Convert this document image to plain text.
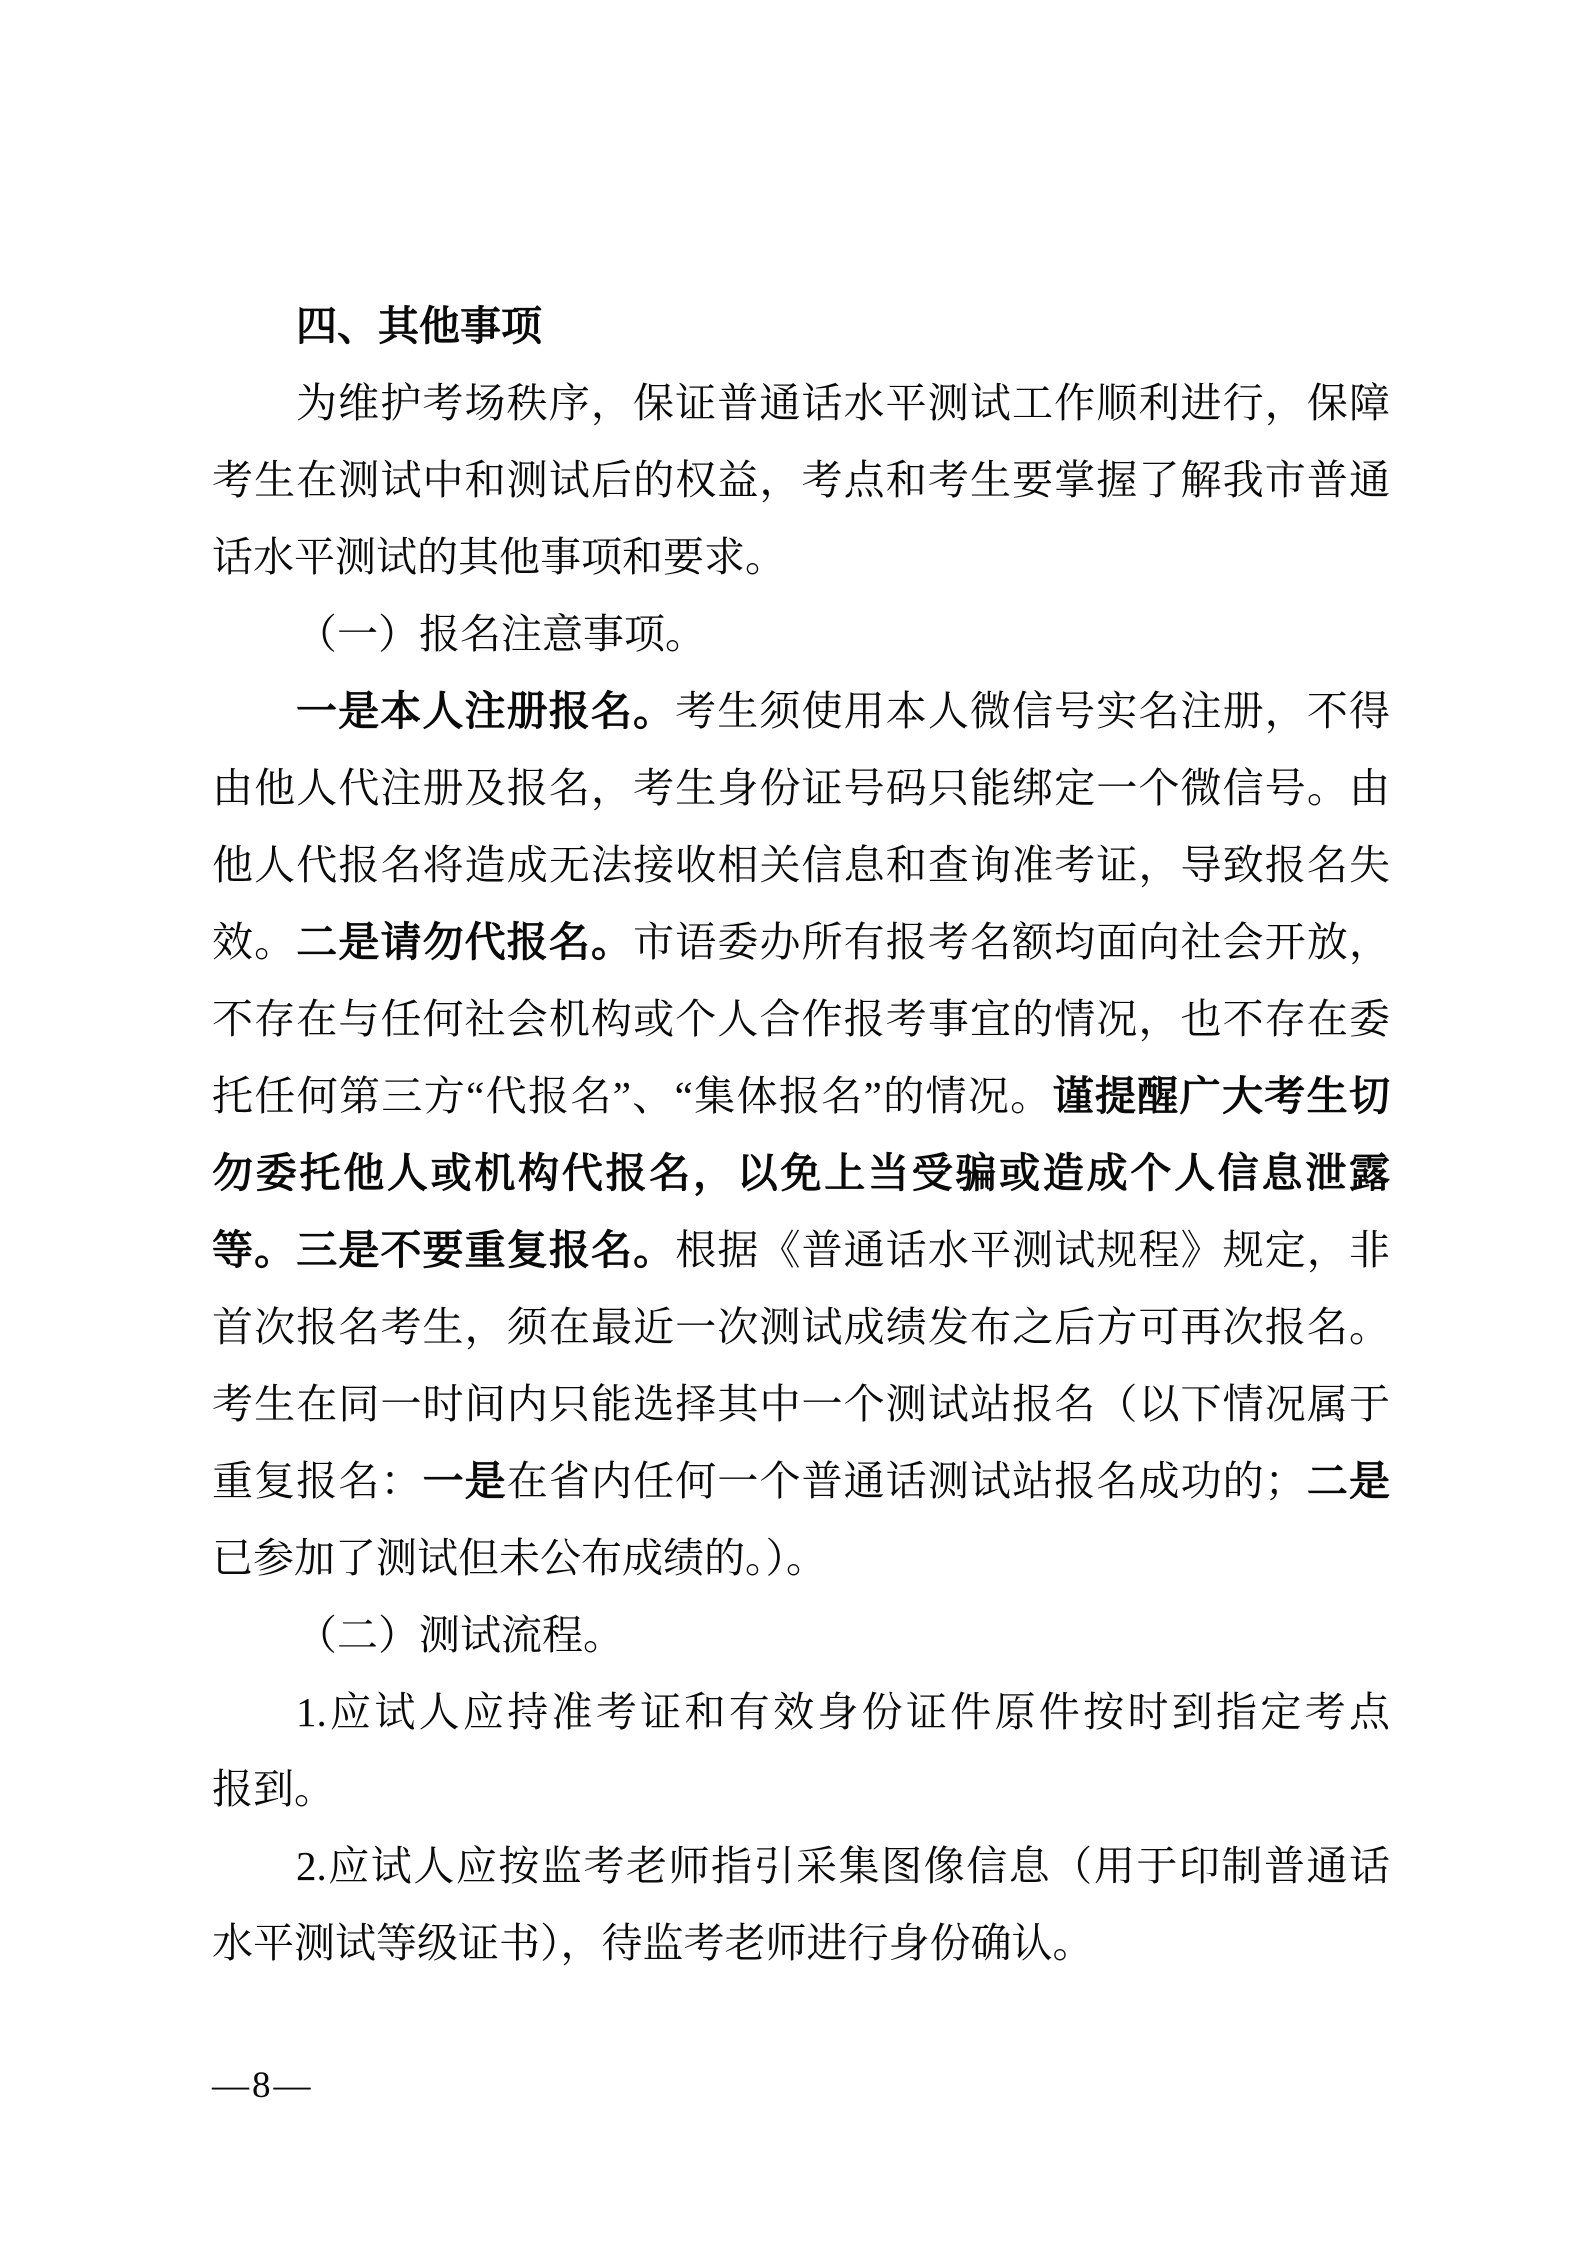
四、其他事项
为维护考场秩序，保证普通话水平测试工作顺利进行，保障
考生在测试中和测试后的权益，考点和考生要掌握了解我市普通
话水平测试的其他事项和要求。
（一）报名注意事项。
一是本人注册报名。考生须使用本人微信号实名注册，不得
由他人代注册及报名，考生身份证号码只能绑定一个微信号。由
他人代报名将造成无法接收相关信息和查询准考证，导致报名失
效。二是请勿代报名。市语委办所有报考名额均面向社会开放，
不存在与任何社会机构或个人合作报考事宜的情况，也不存在委
托任何第三方“代报名”、“集体报名”的情况。谨提醒广大考生切
勿委托他人或机构代报名，以免上当受骗或造成个人信息泄露
等。三是不要重复报名。根据《普通话水平测试规程》规定，非
首次报名考生，须在最近一次测试成绩发布之后方可再次报名。
考生在同一时间内只能选择其中一个测试站报名（以下情况属于
重复报名：一是在省内任何一个普通话测试站报名成功的；二是
已参加了测试但未公布成绩的。）。
（二）测试流程。
1.应试人应持准考证和有效身份证件原件按时到指定考点
报到。
2.应试人应按监考老师指引采集图像信息（用于印制普通话
水平测试等级证书），待监考老师进行身份确认。
—8—
